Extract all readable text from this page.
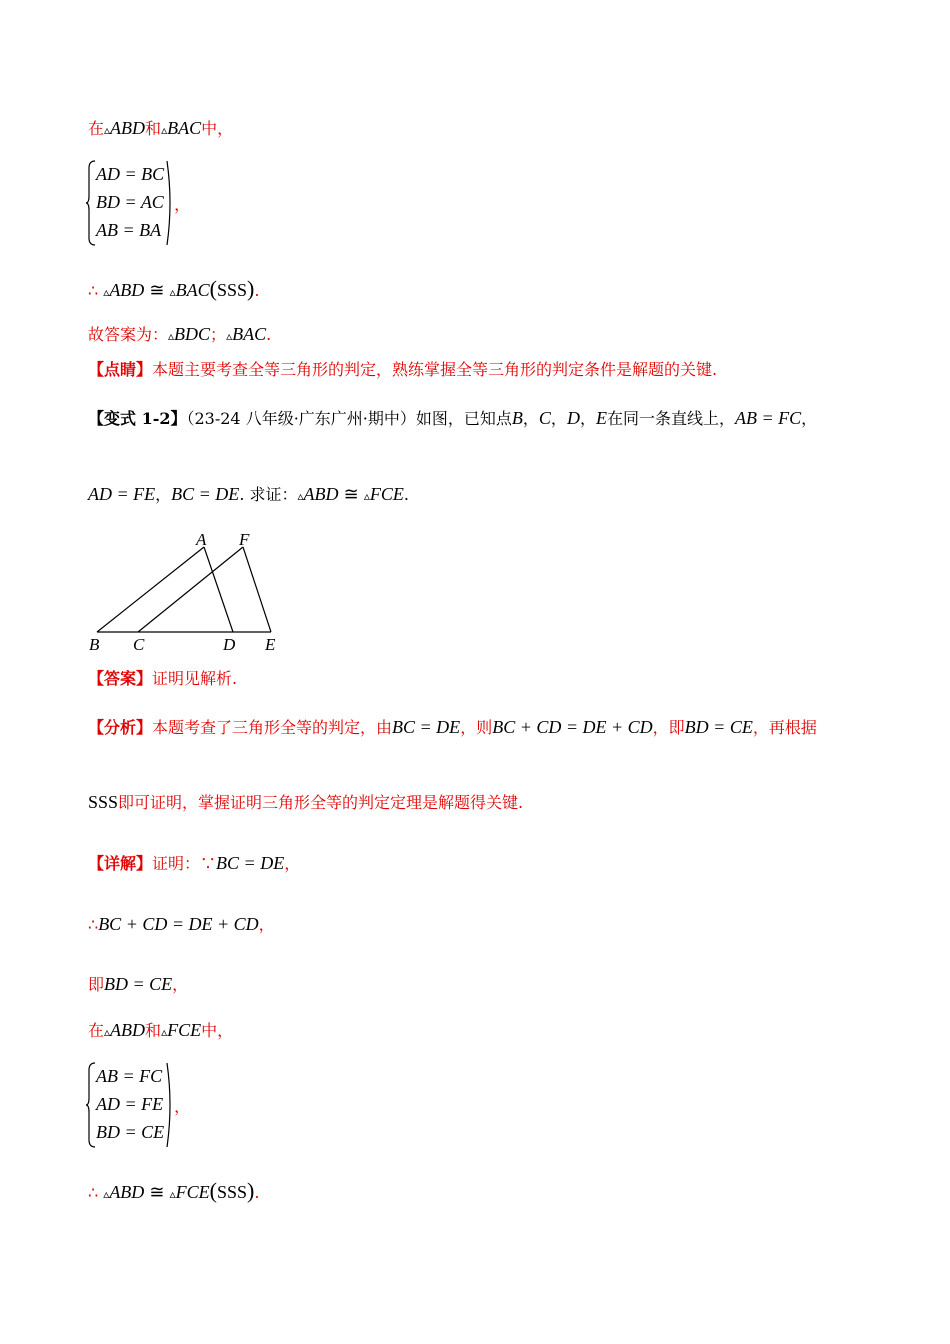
在▵ABD和▵BAC中，
AD = BC
BD = AC
AB = BA
，
∴ ▵ABD ≅ ▵BAC(SSS).
故答案为：▵BDC；▵BAC.
【点睛】本题主要考查全等三角形的判定，熟练掌握全等三角形的判定条件是解题的关键.
【变式 1-2】（23-24 八年级·广东广州·期中）如图，已知点B，C，D，E在同一条直线上，AB = FC，
AD = FE，BC = DE. 求证：▵ABD ≅ ▵FCE.
A F
B C	D E
【答案】证明见解析.
【分析】本题考查了三角形全等的判定，由BC = DE，则BC + CD = DE + CD，即BD = CE，再根据
SSS即可证明，掌握证明三角形全等的判定定理是解题得关键.
【详解】证明：∵BC = DE，
∴BC + CD = DE + CD，
即BD = CE，
在▵ABD和▵FCE中，
AB = FC
AD = FE
BD = CE
，
∴ ▵ABD ≅ ▵FCE(SSS).
